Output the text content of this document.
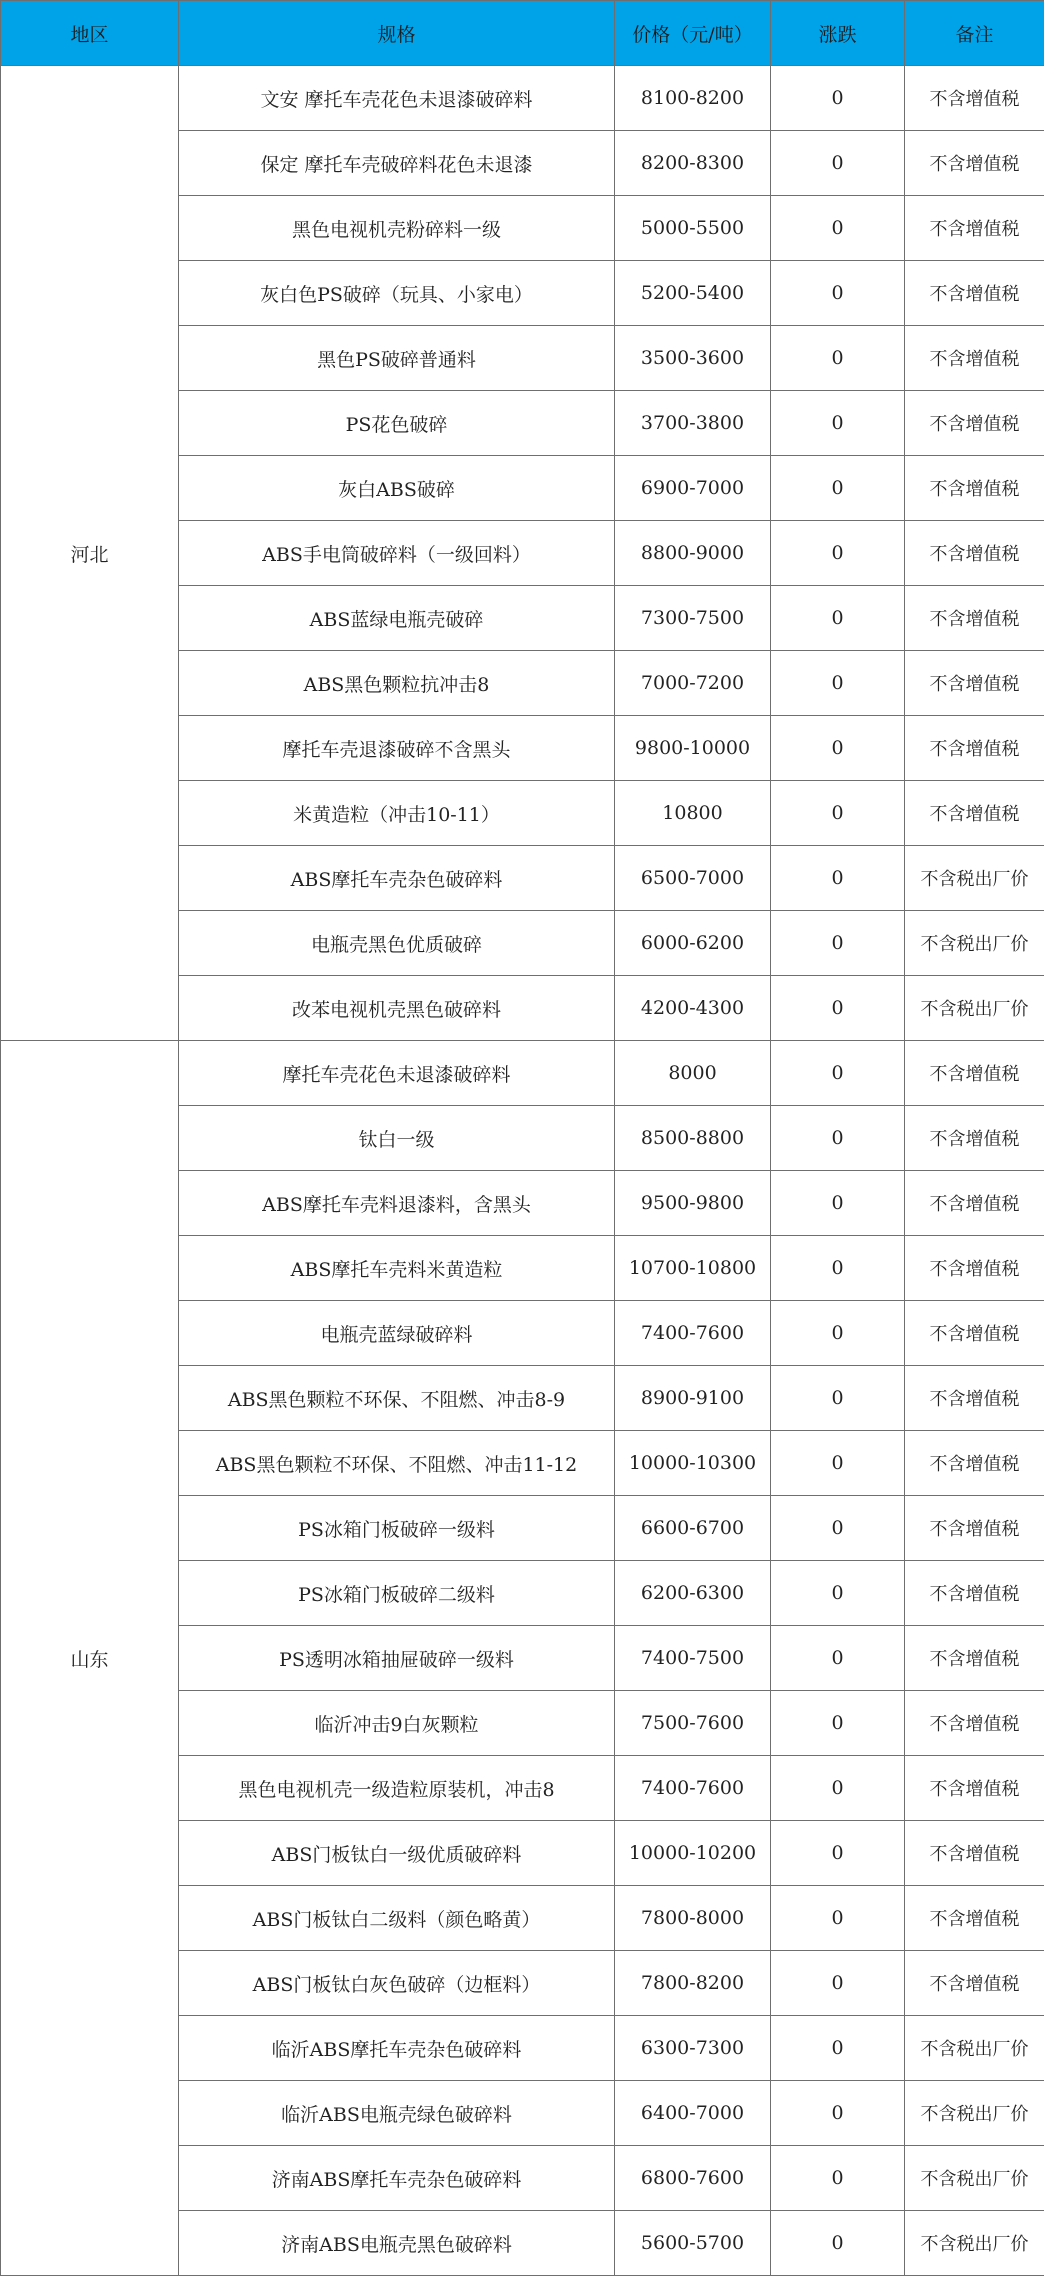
地区	规格	价格（元/吨）	涨跌	备注
河北	文安 摩托车壳花色未退漆破碎料	8100-8200	0	不含增值税
	保定 摩托车壳破碎料花色未退漆	8200-8300	0	不含增值税
	黑色电视机壳粉碎料一级	5000-5500	0	不含增值税
	灰白色PS破碎（玩具、小家电）	5200-5400	0	不含增值税
	黑色PS破碎普通料	3500-3600	0	不含增值税
	PS花色破碎	3700-3800	0	不含增值税
	灰白ABS破碎	6900-7000	0	不含增值税
	ABS手电筒破碎料（一级回料）	8800-9000	0	不含增值税
	ABS蓝绿电瓶壳破碎	7300-7500	0	不含增值税
	ABS黑色颗粒抗冲击8	7000-7200	0	不含增值税
	摩托车壳退漆破碎不含黑头	9800-10000	0	不含增值税
	米黄造粒（冲击10-11）	10800	0	不含增值税
	ABS摩托车壳杂色破碎料	6500-7000	0	不含税出厂价
	电瓶壳黑色优质破碎	6000-6200	0	不含税出厂价
	改苯电视机壳黑色破碎料	4200-4300	0	不含税出厂价
山东	摩托车壳花色未退漆破碎料	8000	0	不含增值税
	钛白一级	8500-8800	0	不含增值税
	ABS摩托车壳料退漆料，含黑头	9500-9800	0	不含增值税
	ABS摩托车壳料米黄造粒	10700-10800	0	不含增值税
	电瓶壳蓝绿破碎料	7400-7600	0	不含增值税
	ABS黑色颗粒不环保、不阻燃、冲击8-9	8900-9100	0	不含增值税
	ABS黑色颗粒不环保、不阻燃、冲击11-12	10000-10300	0	不含增值税
	PS冰箱门板破碎一级料	6600-6700	0	不含增值税
	PS冰箱门板破碎二级料	6200-6300	0	不含增值税
	PS透明冰箱抽屉破碎一级料	7400-7500	0	不含增值税
	临沂冲击9白灰颗粒	7500-7600	0	不含增值税
	黑色电视机壳一级造粒原装机，冲击8	7400-7600	0	不含增值税
	ABS门板钛白一级优质破碎料	10000-10200	0	不含增值税
	ABS门板钛白二级料（颜色略黄）	7800-8000	0	不含增值税
	ABS门板钛白灰色破碎（边框料）	7800-8200	0	不含增值税
	临沂ABS摩托车壳杂色破碎料	6300-7300	0	不含税出厂价
	临沂ABS电瓶壳绿色破碎料	6400-7000	0	不含税出厂价
	济南ABS摩托车壳杂色破碎料	6800-7600	0	不含税出厂价
	济南ABS电瓶壳黑色破碎料	5600-5700	0	不含税出厂价
